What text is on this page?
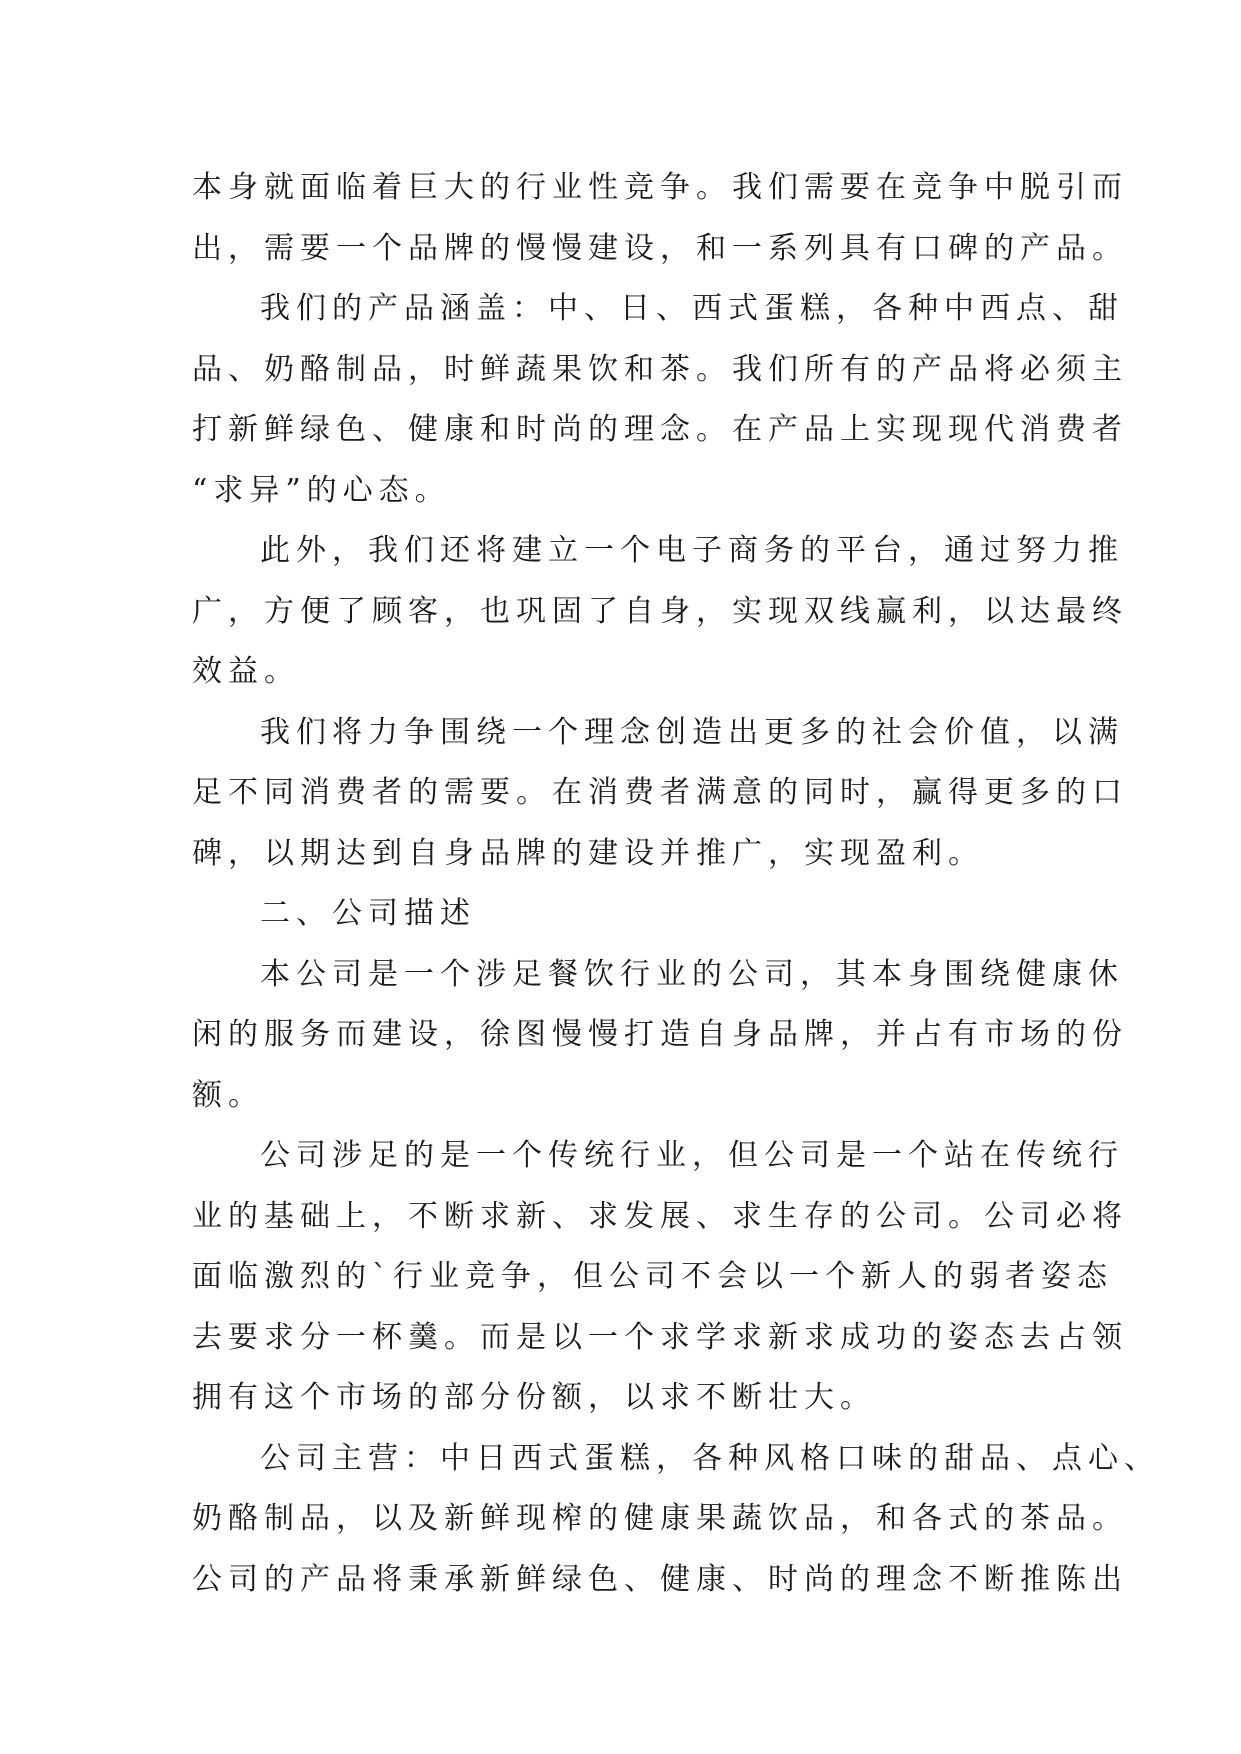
本身就面临着巨大的行业性竞争。我们需要在竞争中脱引而
出，需要一个品牌的慢慢建设，和一系列具有口碑的产品。
我们的产品涵盖：中、日、西式蛋糕，各种中西点、甜
品、奶酪制品，时鲜蔬果饮和茶。我们所有的产品将必须主
打新鲜绿色、健康和时尚的理念。在产品上实现现代消费者
“求异”的心态。
此外，我们还将建立一个电子商务的平台，通过努力推
广，方便了顾客，也巩固了自身，实现双线赢利，以达最终
效益。
我们将力争围绕一个理念创造出更多的社会价值，以满
足不同消费者的需要。在消费者满意的同时，赢得更多的口
碑，以期达到自身品牌的建设并推广，实现盈利。
二、公司描述
本公司是一个涉足餐饮行业的公司，其本身围绕健康休
闲的服务而建设，徐图慢慢打造自身品牌，并占有市场的份
额。
公司涉足的是一个传统行业，但公司是一个站在传统行
业的基础上，不断求新、求发展、求生存的公司。公司必将
面临激烈的`行业竞争，但公司不会以一个新人的弱者姿态
去要求分一杯羹。而是以一个求学求新求成功的姿态去占领
拥有这个市场的部分份额，以求不断壮大。
公司主营：中日西式蛋糕，各种风格口味的甜品、点心、
奶酪制品，以及新鲜现榨的健康果蔬饮品，和各式的茶品。
公司的产品将秉承新鲜绿色、健康、时尚的理念不断推陈出
